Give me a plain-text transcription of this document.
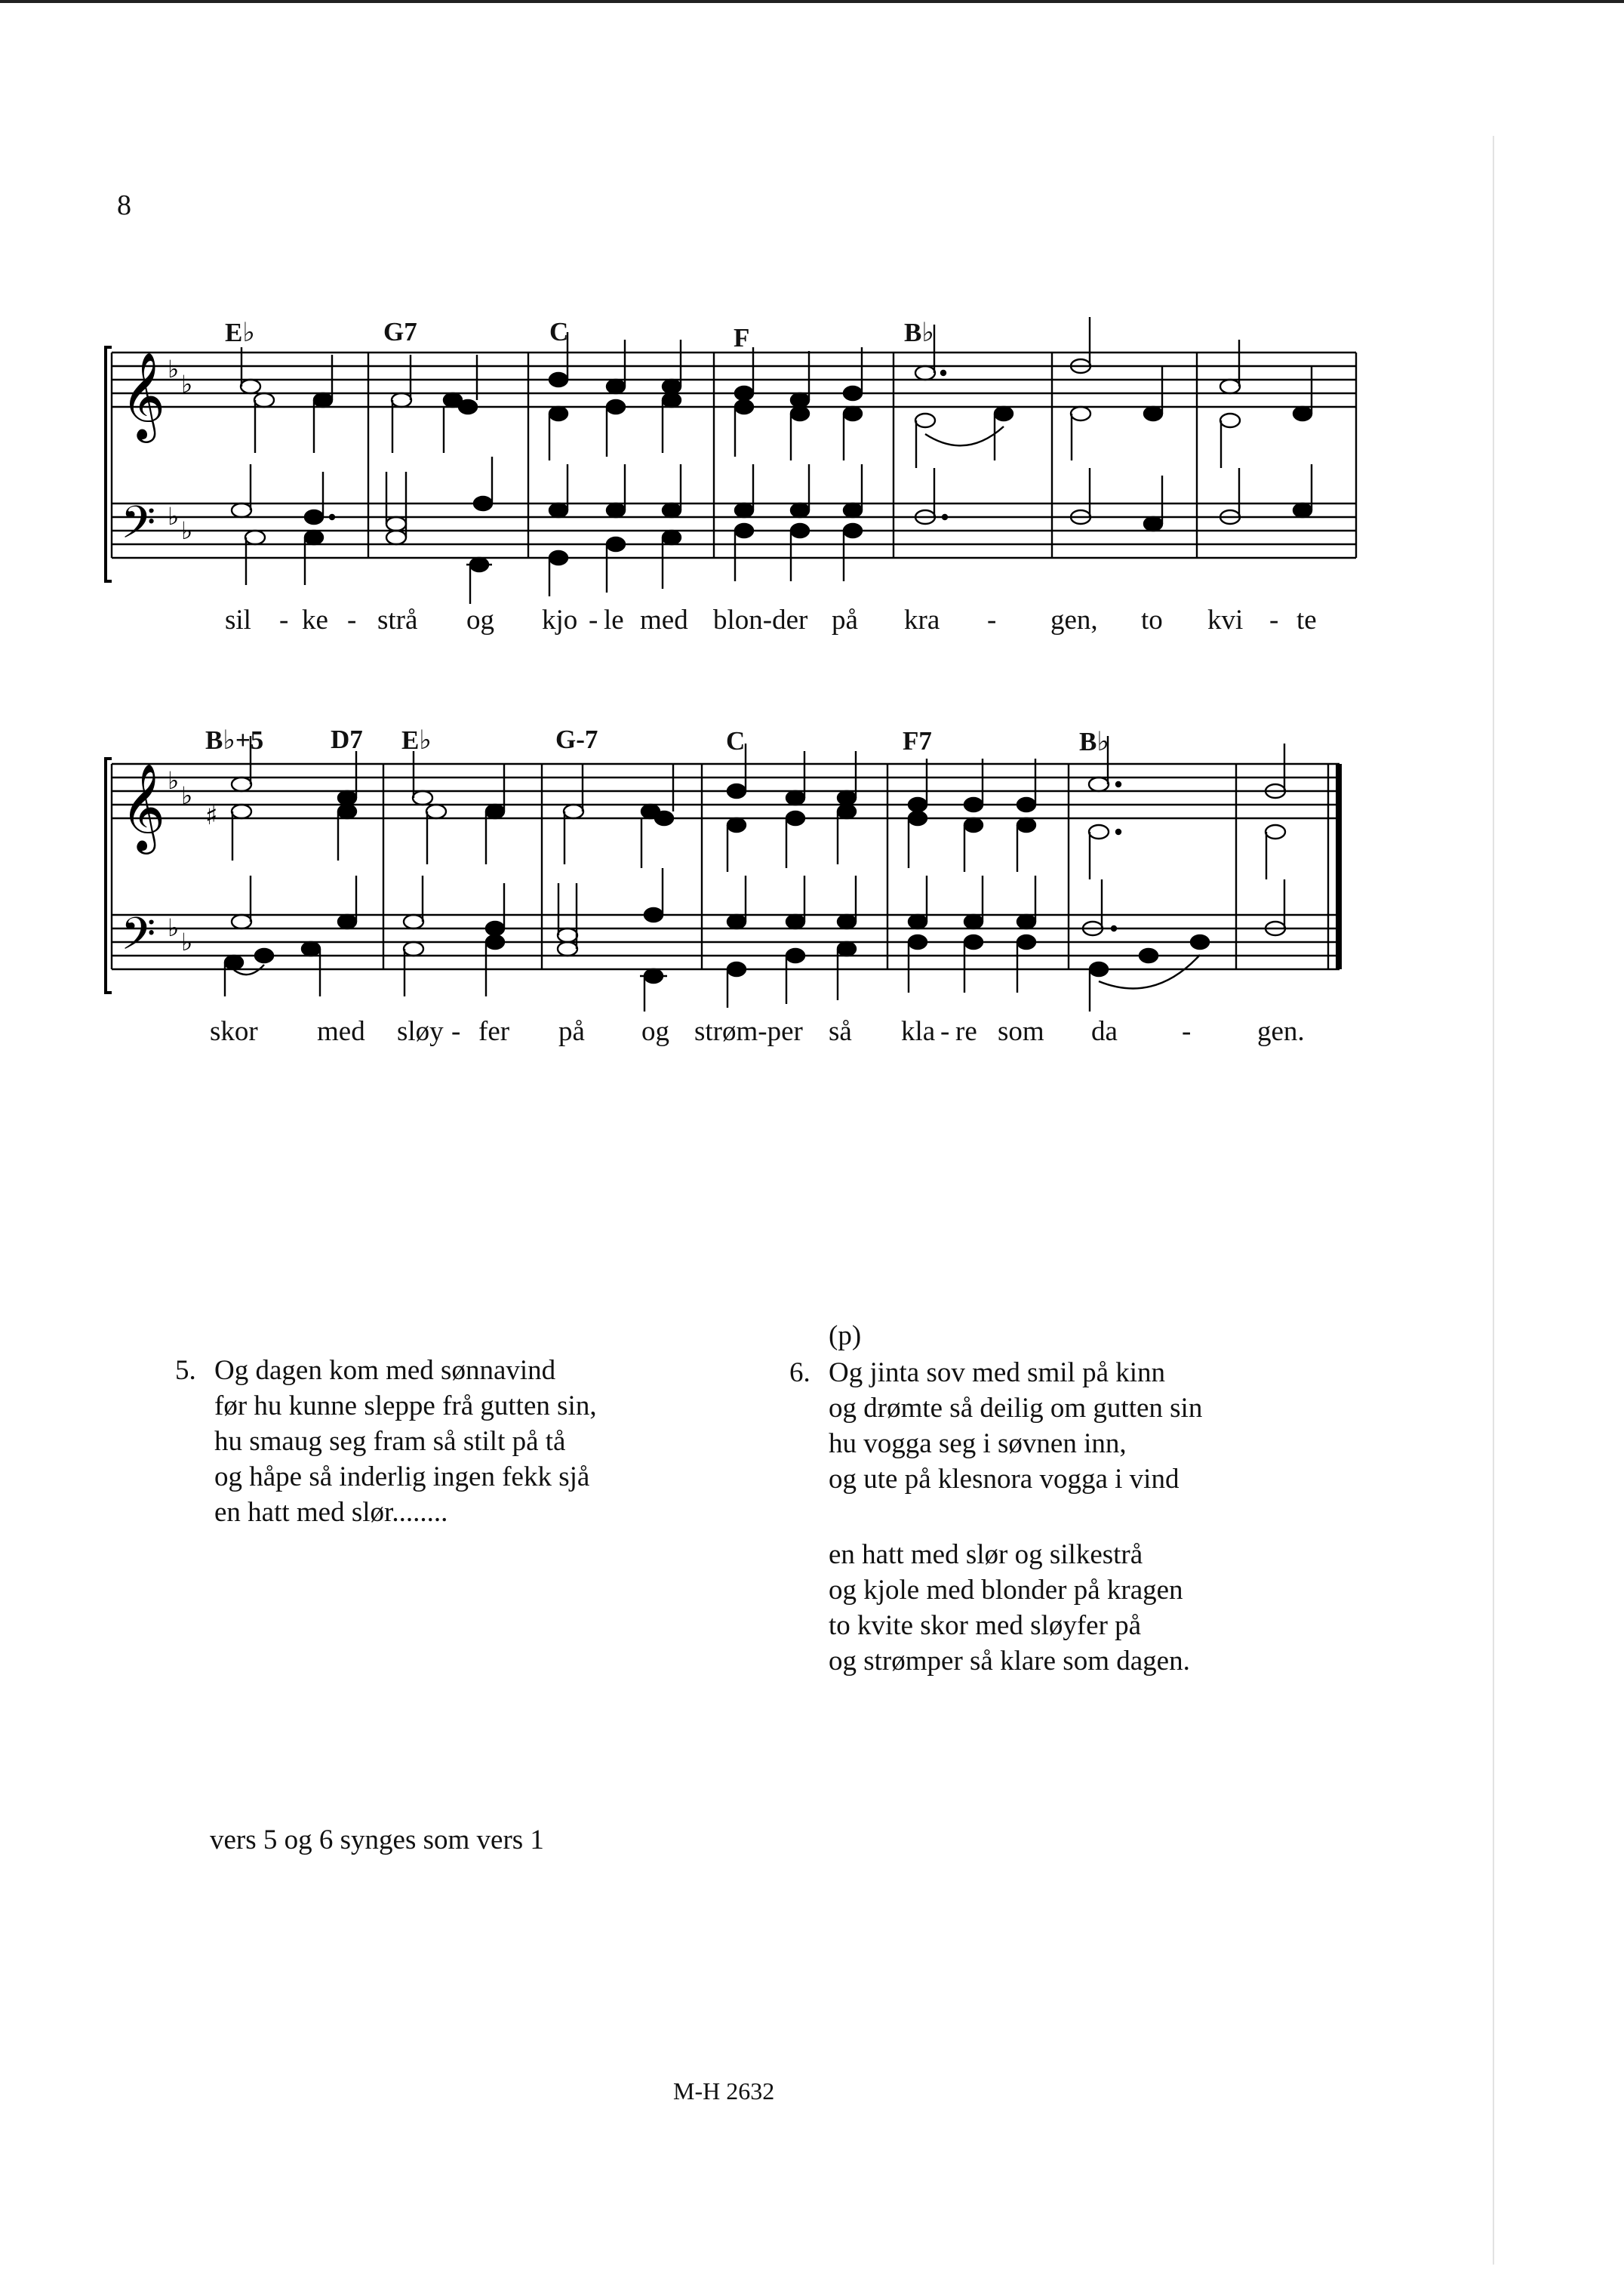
8
E♭	G7	C	F	B♭
𝄞
𝄢
♭
♭
♭ ♭
sil - ke - strå og kjo - le med blon-der på kra - gen, to kvi - te
B♭+5	D7 E♭	G-7	C	F7	B♭
𝄞
𝄢
♭
♭
♭ ♭
♯
skor med sløy - fer på og strøm-per så kla - re som da - gen.
5. Og dagen kom med sønnavind
før hu kunne sleppe frå gutten sin,
hu smaug seg fram så stilt på tå
og håpe så inderlig ingen fekk sjå
en hatt med slør........
(p)
6. Og jinta sov med smil på kinn
og drømte så deilig om gutten sin
hu vogga seg i søvnen inn,
og ute på klesnora vogga i vind
en hatt med slør og silkestrå
og kjole med blonder på kragen
to kvite skor med sløyfer på
og strømper så klare som dagen.
vers 5 og 6 synges som vers 1
M-H 2632
